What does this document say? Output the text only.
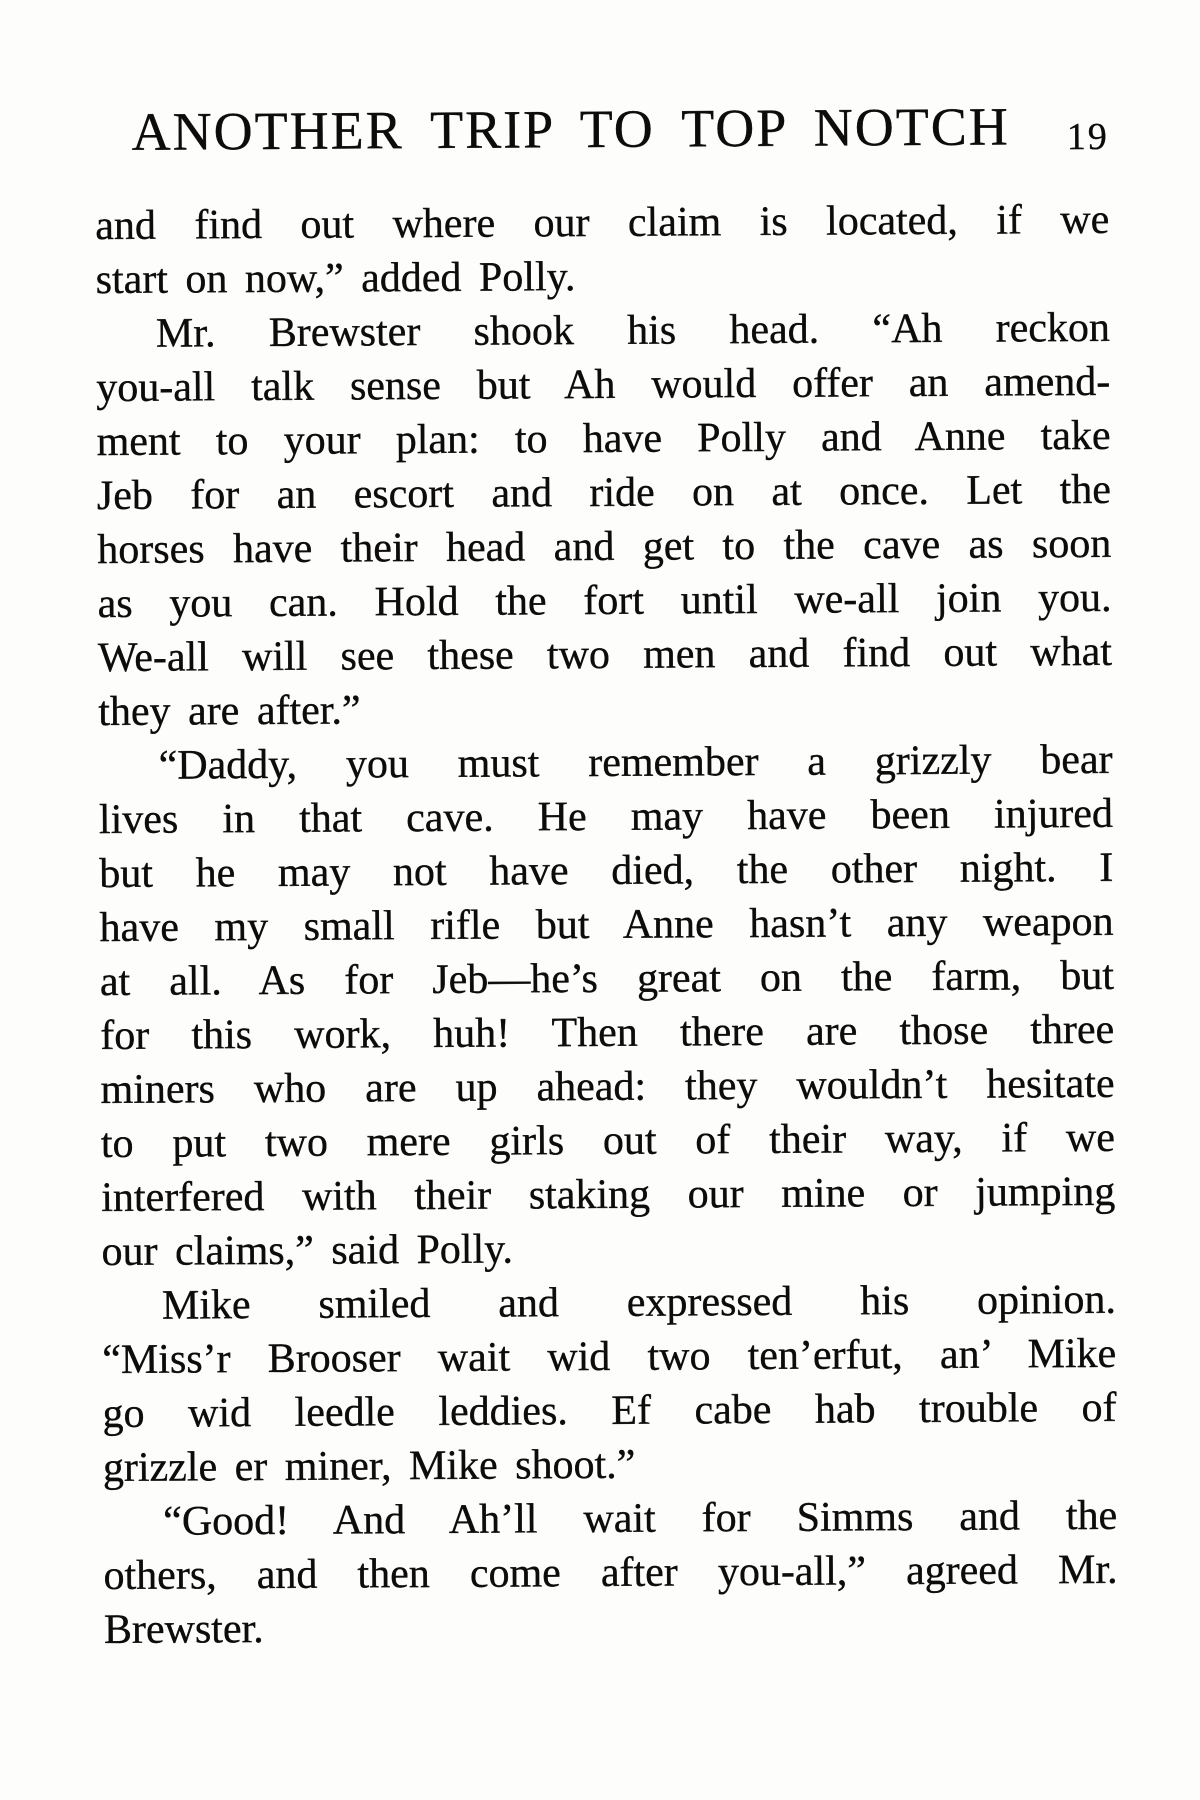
ANOTHER TRIP TO TOP NOTCH	19
and find out where our claim is located, if we
start on now,” added Polly.
Mr. Brewster shook his head. “Ah reckon
you-all talk sense but Ah would offer an amend-
ment to your plan: to have Polly and Anne take
Jeb for an escort and ride on at once. Let the
horses have their head and get to the cave as soon
as you can. Hold the fort until we-all join you.
We-all will see these two men and find out what
they are after.”
“Daddy, you must remember a grizzly bear
lives in that cave. He may have been injured
but he may not have died, the other night. I
have my small rifle but Anne hasn’t any weapon
at all. As for Jeb—he’s great on the farm, but
for this work, huh! Then there are those three
miners who are up ahead: they wouldn’t hesitate
to put two mere girls out of their way, if we
interfered with their staking our mine or jumping
our claims,” said Polly.
Mike smiled and expressed his opinion.
“Miss’r Brooser wait wid two ten’erfut, an’ Mike
go wid leedle leddies. Ef cabe hab trouble of
grizzle er miner, Mike shoot.”
“Good! And Ah’ll wait for Simms and the
others, and then come after you-all,” agreed Mr.
Brewster.
